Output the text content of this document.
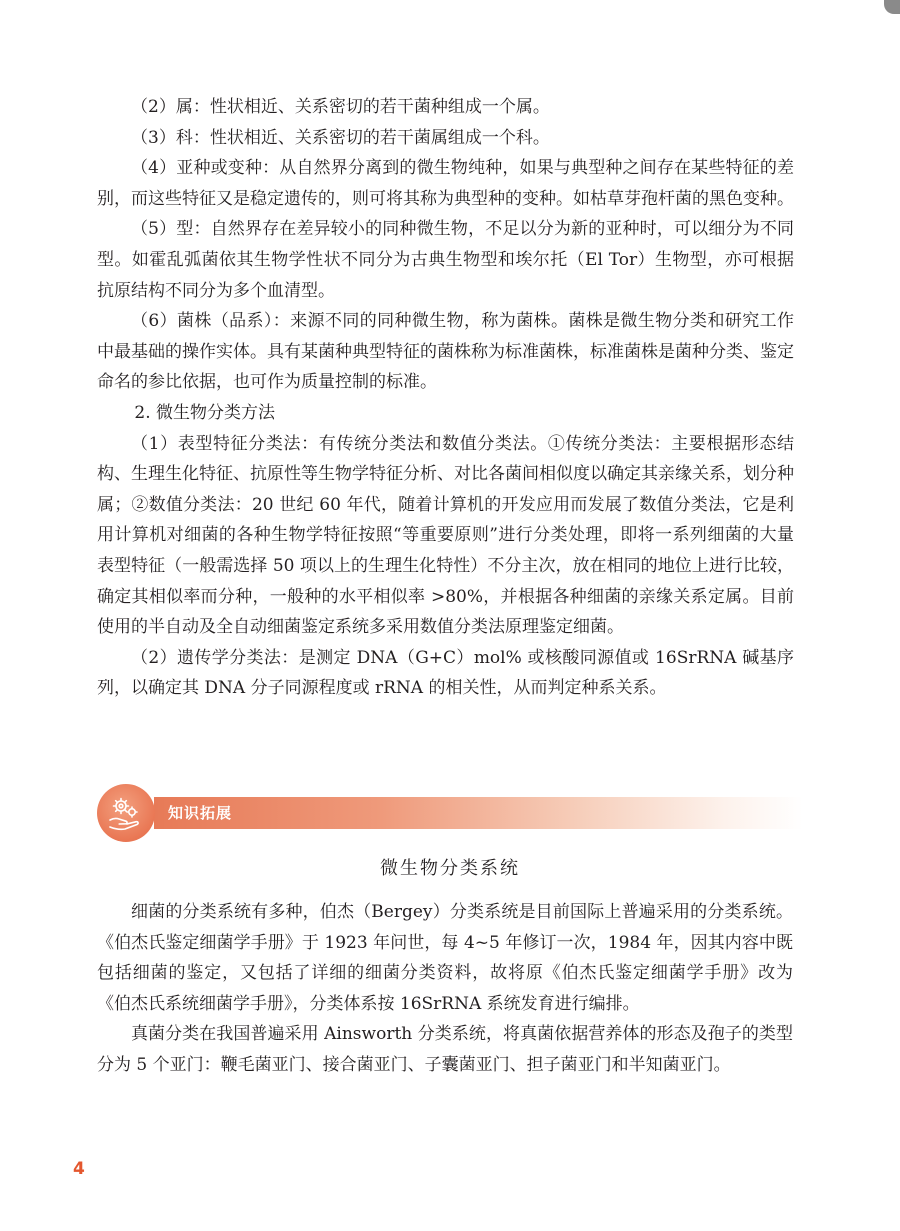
（2）属：性状相近、关系密切的若干菌种组成一个属。

（3）科：性状相近、关系密切的若干菌属组成一个科。

（4）亚种或变种：从自然界分离到的微生物纯种，如果与典型种之间存在某些特征的差别，而这些特征又是稳定遗传的，则可将其称为典型种的变种。如枯草芽孢杆菌的黑色变种。

（5）型：自然界存在差异较小的同种微生物，不足以分为新的亚种时，可以细分为不同型。如霍乱弧菌依其生物学性状不同分为古典生物型和埃尔托（El Tor）生物型，亦可根据抗原结构不同分为多个血清型。

（6）菌株（品系）：来源不同的同种微生物，称为菌株。菌株是微生物分类和研究工作中最基础的操作实体。具有某菌种典型特征的菌株称为标准菌株，标准菌株是菌种分类、鉴定命名的参比依据，也可作为质量控制的标准。

2. 微生物分类方法

（1）表型特征分类法：有传统分类法和数值分类法。①传统分类法：主要根据形态结构、生理生化特征、抗原性等生物学特征分析、对比各菌间相似度以确定其亲缘关系，划分种属；②数值分类法：20 世纪 60 年代，随着计算机的开发应用而发展了数值分类法，它是利用计算机对细菌的各种生物学特征按照“等重要原则”进行分类处理，即将一系列细菌的大量表型特征（一般需选择 50 项以上的生理生化特性）不分主次，放在相同的地位上进行比较，确定其相似率而分种，一般种的水平相似率 >80%，并根据各种细菌的亲缘关系定属。目前使用的半自动及全自动细菌鉴定系统多采用数值分类法原理鉴定细菌。

（2）遗传学分类法：是测定 DNA（G+C）mol% 或核酸同源值或 16SrRNA 碱基序列，以确定其 DNA 分子同源程度或 rRNA 的相关性，从而判定种系关系。

知识拓展
微生物分类系统

细菌的分类系统有多种，伯杰（Bergey）分类系统是目前国际上普遍采用的分类系统。《伯杰氏鉴定细菌学手册》于 1923 年问世，每 4~5 年修订一次，1984 年，因其内容中既包括细菌的鉴定，又包括了详细的细菌分类资料，故将原《伯杰氏鉴定细菌学手册》改为《伯杰氏系统细菌学手册》，分类体系按 16SrRNA 系统发育进行编排。

真菌分类在我国普遍采用 Ainsworth 分类系统，将真菌依据营养体的形态及孢子的类型分为 5 个亚门：鞭毛菌亚门、接合菌亚门、子囊菌亚门、担子菌亚门和半知菌亚门。

4
